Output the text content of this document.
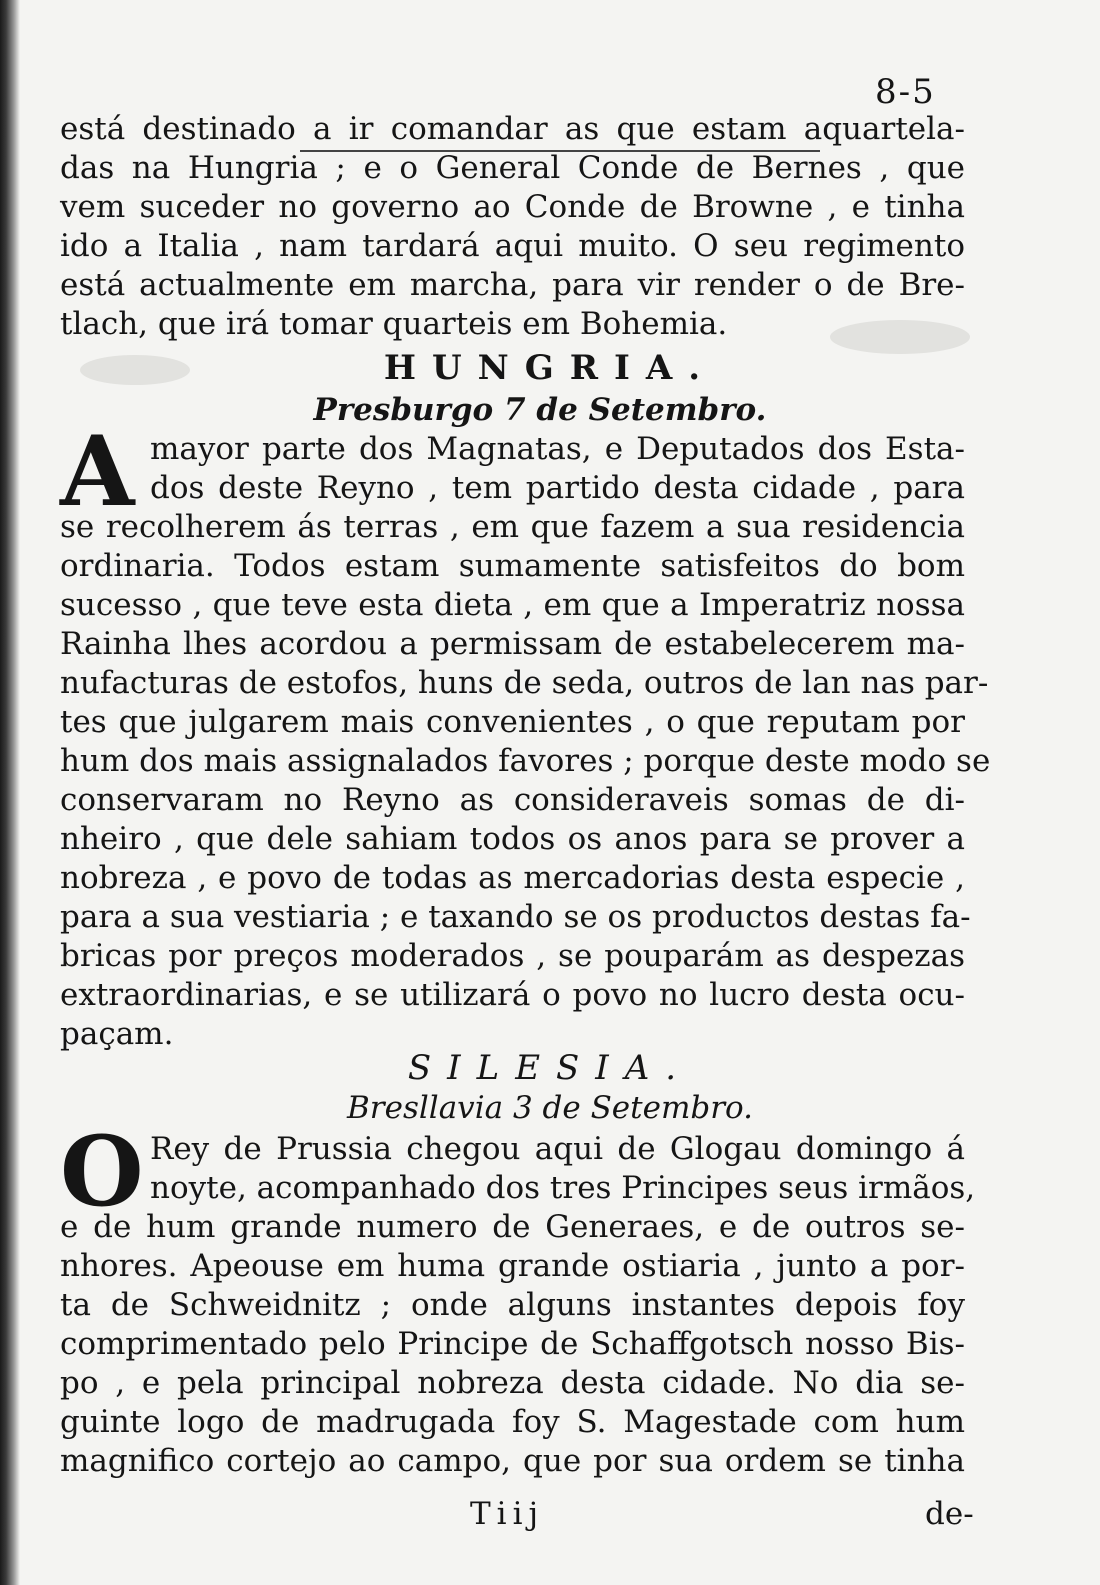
8-5
está destinado a ir comandar as que estam aquartela-
das na Hungria ; e o General Conde de Bernes , que
vem suceder no governo ao Conde de Browne , e tinha
ido a Italia , nam tardará aqui muito. O seu regimento
está actualmente em marcha, para vir render o de Bre-
tlach, que irá tomar quarteis em Bohemia.
HUNGRIA.
Presburgo 7 de Setembro.
A mayor parte dos Magnatas, e Deputados dos Esta-
dos deste Reyno , tem partido desta cidade , para
se recolherem ás terras , em que fazem a sua residencia
ordinaria. Todos estam sumamente satisfeitos do bom
sucesso , que teve esta dieta , em que a Imperatriz nossa
Rainha lhes acordou a permissam de estabelecerem ma-
nufacturas de estofos, huns de seda, outros de lan nas par-
tes que julgarem mais convenientes , o que reputam por
hum dos mais assignalados favores ; porque deste modo se
conservaram no Reyno as consideraveis somas de di-
nheiro , que dele sahiam todos os anos para se prover a
nobreza , e povo de todas as mercadorias desta especie ,
para a sua vestiaria ; e taxando se os productos destas fa-
bricas por preços moderados , se pouparám as despezas
extraordinarias, e se utilizará o povo no lucro desta ocu-
paçam.
SILESIA.
Bresllavia 3 de Setembro.
O Rey de Prussia chegou aqui de Glogau domingo á
noyte, acompanhado dos tres Principes seus irmãos,
e de hum grande numero de Generaes, e de outros se-
nhores. Apeouse em huma grande ostiaria , junto a por-
ta de Schweidnitz ; onde alguns instantes depois foy
comprimentado pelo Principe de Schaffgotsch nosso Bis-
po , e pela principal nobreza desta cidade. No dia se-
guinte logo de madrugada foy S. Magestade com hum
magnifico cortejo ao campo, que por sua ordem se tinha
Tiij	de-
